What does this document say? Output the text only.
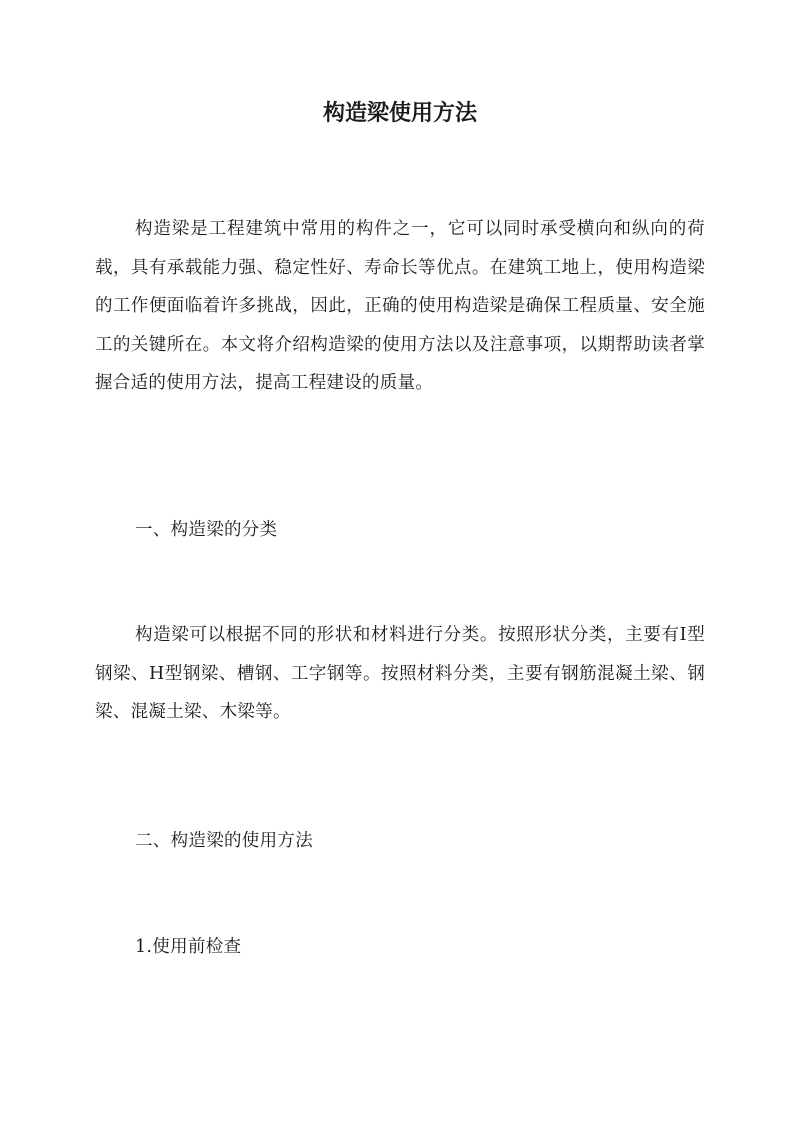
构造梁使用方法

构造梁是工程建筑中常用的构件之一，它可以同时承受横向和纵向的荷载，具有承载能力强、稳定性好、寿命长等优点。在建筑工地上，使用构造梁的工作便面临着许多挑战，因此，正确的使用构造梁是确保工程质量、安全施工的关键所在。本文将介绍构造梁的使用方法以及注意事项，以期帮助读者掌握合适的使用方法，提高工程建设的质量。

一、构造梁的分类

构造梁可以根据不同的形状和材料进行分类。按照形状分类，主要有I型钢梁、H型钢梁、槽钢、工字钢等。按照材料分类，主要有钢筋混凝土梁、钢梁、混凝土梁、木梁等。

二、构造梁的使用方法
1.使用前检查
